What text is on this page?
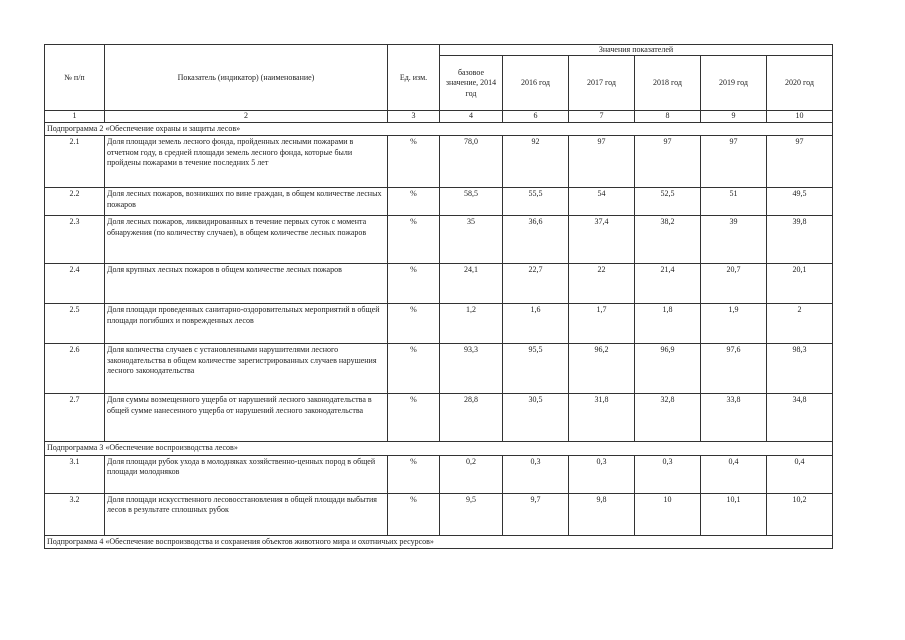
№ п/п	Показатель (индикатор) (наименование)	Ед. изм.	Значения показателей					
			базовое значение, 2014 год	2016 год	2017 год	2018 год	2019 год	2020 год
1	2	3	4	6	7	8	9	10
Подпрограмма 2 «Обеспечение охраны и защиты лесов»								
2.1	Доля площади земель лесного фонда, пройденных лесными пожарами в отчетном году, в средней площади земель лесного фонда, которые были пройдены пожарами в течение последних 5 лет	%	78,0	92	97	97	97	97
2.2	Доля лесных пожаров, возникших по вине граждан, в общем количестве лесных пожаров	%	58,5	55,5	54	52,5	51	49,5
2.3	Доля лесных пожаров, ликвидированных в течение первых суток с момента обнаружения (по количеству случаев), в общем количестве лесных пожаров	%	35	36,6	37,4	38,2	39	39,8
2.4	Доля крупных лесных пожаров в общем количестве лесных пожаров	%	24,1	22,7	22	21,4	20,7	20,1
2.5	Доля площади проведенных санитарно-оздоровительных мероприятий в общей площади погибших и поврежденных лесов	%	1,2	1,6	1,7	1,8	1,9	2
2.6	Доля количества случаев с установленными нарушителями лесного законодательства в общем количестве зарегистрированных случаев нарушения лесного законодательства	%	93,3	95,5	96,2	96,9	97,6	98,3
2.7	Доля суммы возмещенного ущерба от нарушений лесного законодательства в общей сумме нанесенного ущерба от нарушений лесного законодательства	%	28,8	30,5	31,8	32,8	33,8	34,8
Подпрограмма 3 «Обеспечение воспроизводства лесов»								
3.1	Доля площади рубок ухода в молодняках хозяйственно-ценных пород в общей площади молодняков	%	0,2	0,3	0,3	0,3	0,4	0,4
3.2	Доля площади искусственного лесовосстановления в общей площади выбытия лесов в результате сплошных рубок	%	9,5	9,7	9,8	10	10,1	10,2
Подпрограмма 4 «Обеспечение воспроизводства и сохранения объектов животного мира и охотничьих ресурсов»								
